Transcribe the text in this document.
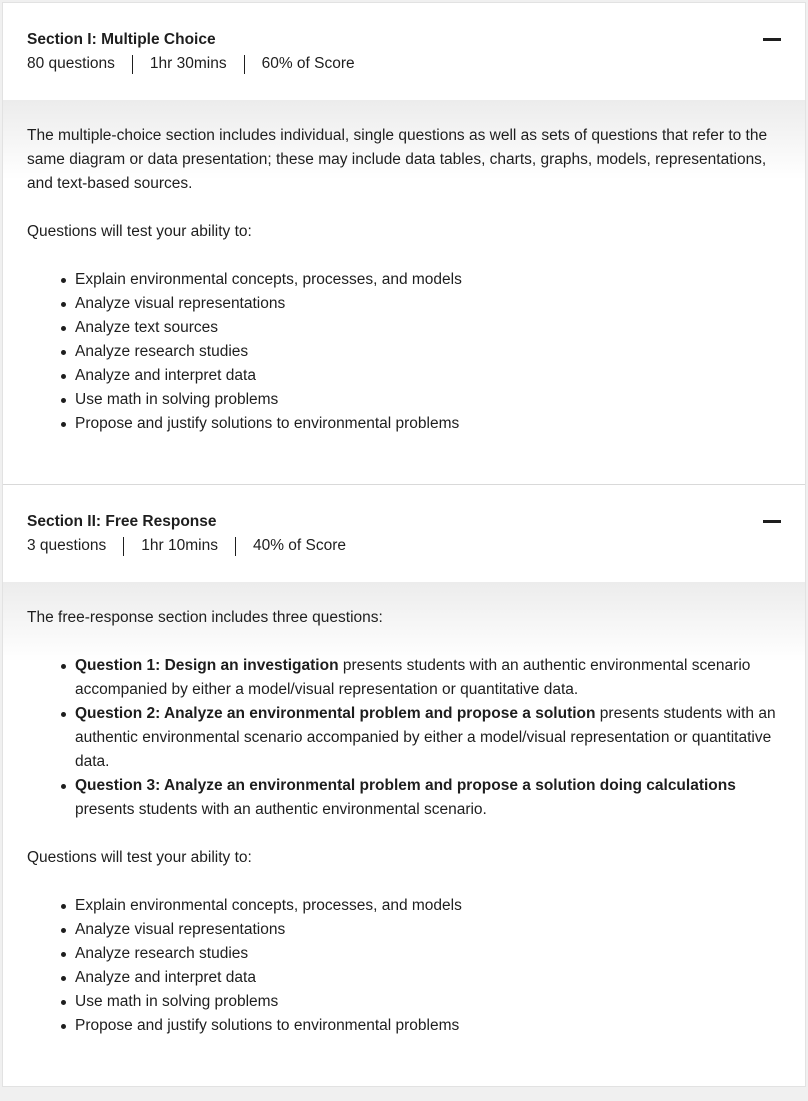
Section I: Multiple Choice
80 questions 1hr 30mins 60% of Score

The multiple-choice section includes individual, single questions as well as sets of questions that refer to the same diagram or data presentation; these may include data tables, charts, graphs, models, representations, and text-based sources.

Questions will test your ability to:

Explain environmental concepts, processes, and models
Analyze visual representations
Analyze text sources
Analyze research studies
Analyze and interpret data
Use math in solving problems
Propose and justify solutions to environmental problems
Section II: Free Response
3 questions 1hr 10mins 40% of Score

The free-response section includes three questions:

Question 1: Design an investigation presents students with an authentic environmental scenario accompanied by either a model/visual representation or quantitative data.
Question 2: Analyze an environmental problem and propose a solution presents students with an authentic environmental scenario accompanied by either a model/visual representation or quantitative data.
Question 3: Analyze an environmental problem and propose a solution doing calculations presents students with an authentic environmental scenario.

Questions will test your ability to:

Explain environmental concepts, processes, and models
Analyze visual representations
Analyze research studies
Analyze and interpret data
Use math in solving problems
Propose and justify solutions to environmental problems
